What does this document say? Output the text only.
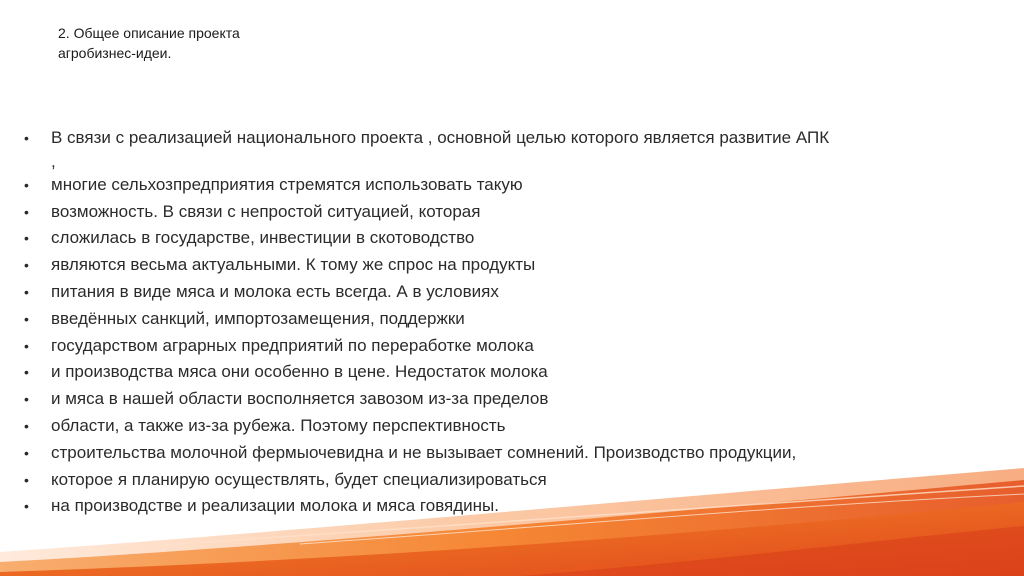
2. Общее описание проекта
агробизнес-идеи.
• В связи с реализацией национального проекта , основной целью которого является развитие АПК
,
• многие сельхозпредприятия стремятся использовать такую
• возможность. В связи с непростой ситуацией, которая
• сложилась в государстве, инвестиции в скотоводство
• являются весьма актуальными. К тому же спрос на продукты
• питания в виде мяса и молока есть всегда. А в условиях
• введённых санкций, импортозамещения, поддержки
• государством аграрных предприятий по переработке молока
• и производства мяса они особенно в цене. Недостаток молока
• и мяса в нашей области восполняется завозом из-за пределов
• области, а также из-за рубежа. Поэтому перспективность
• строительства молочной фермыочевидна и не вызывает сомнений. Производство продукции,
• которое я планирую осуществлять, будет специализироваться
• на производстве и реализации молока и мяса говядины.
